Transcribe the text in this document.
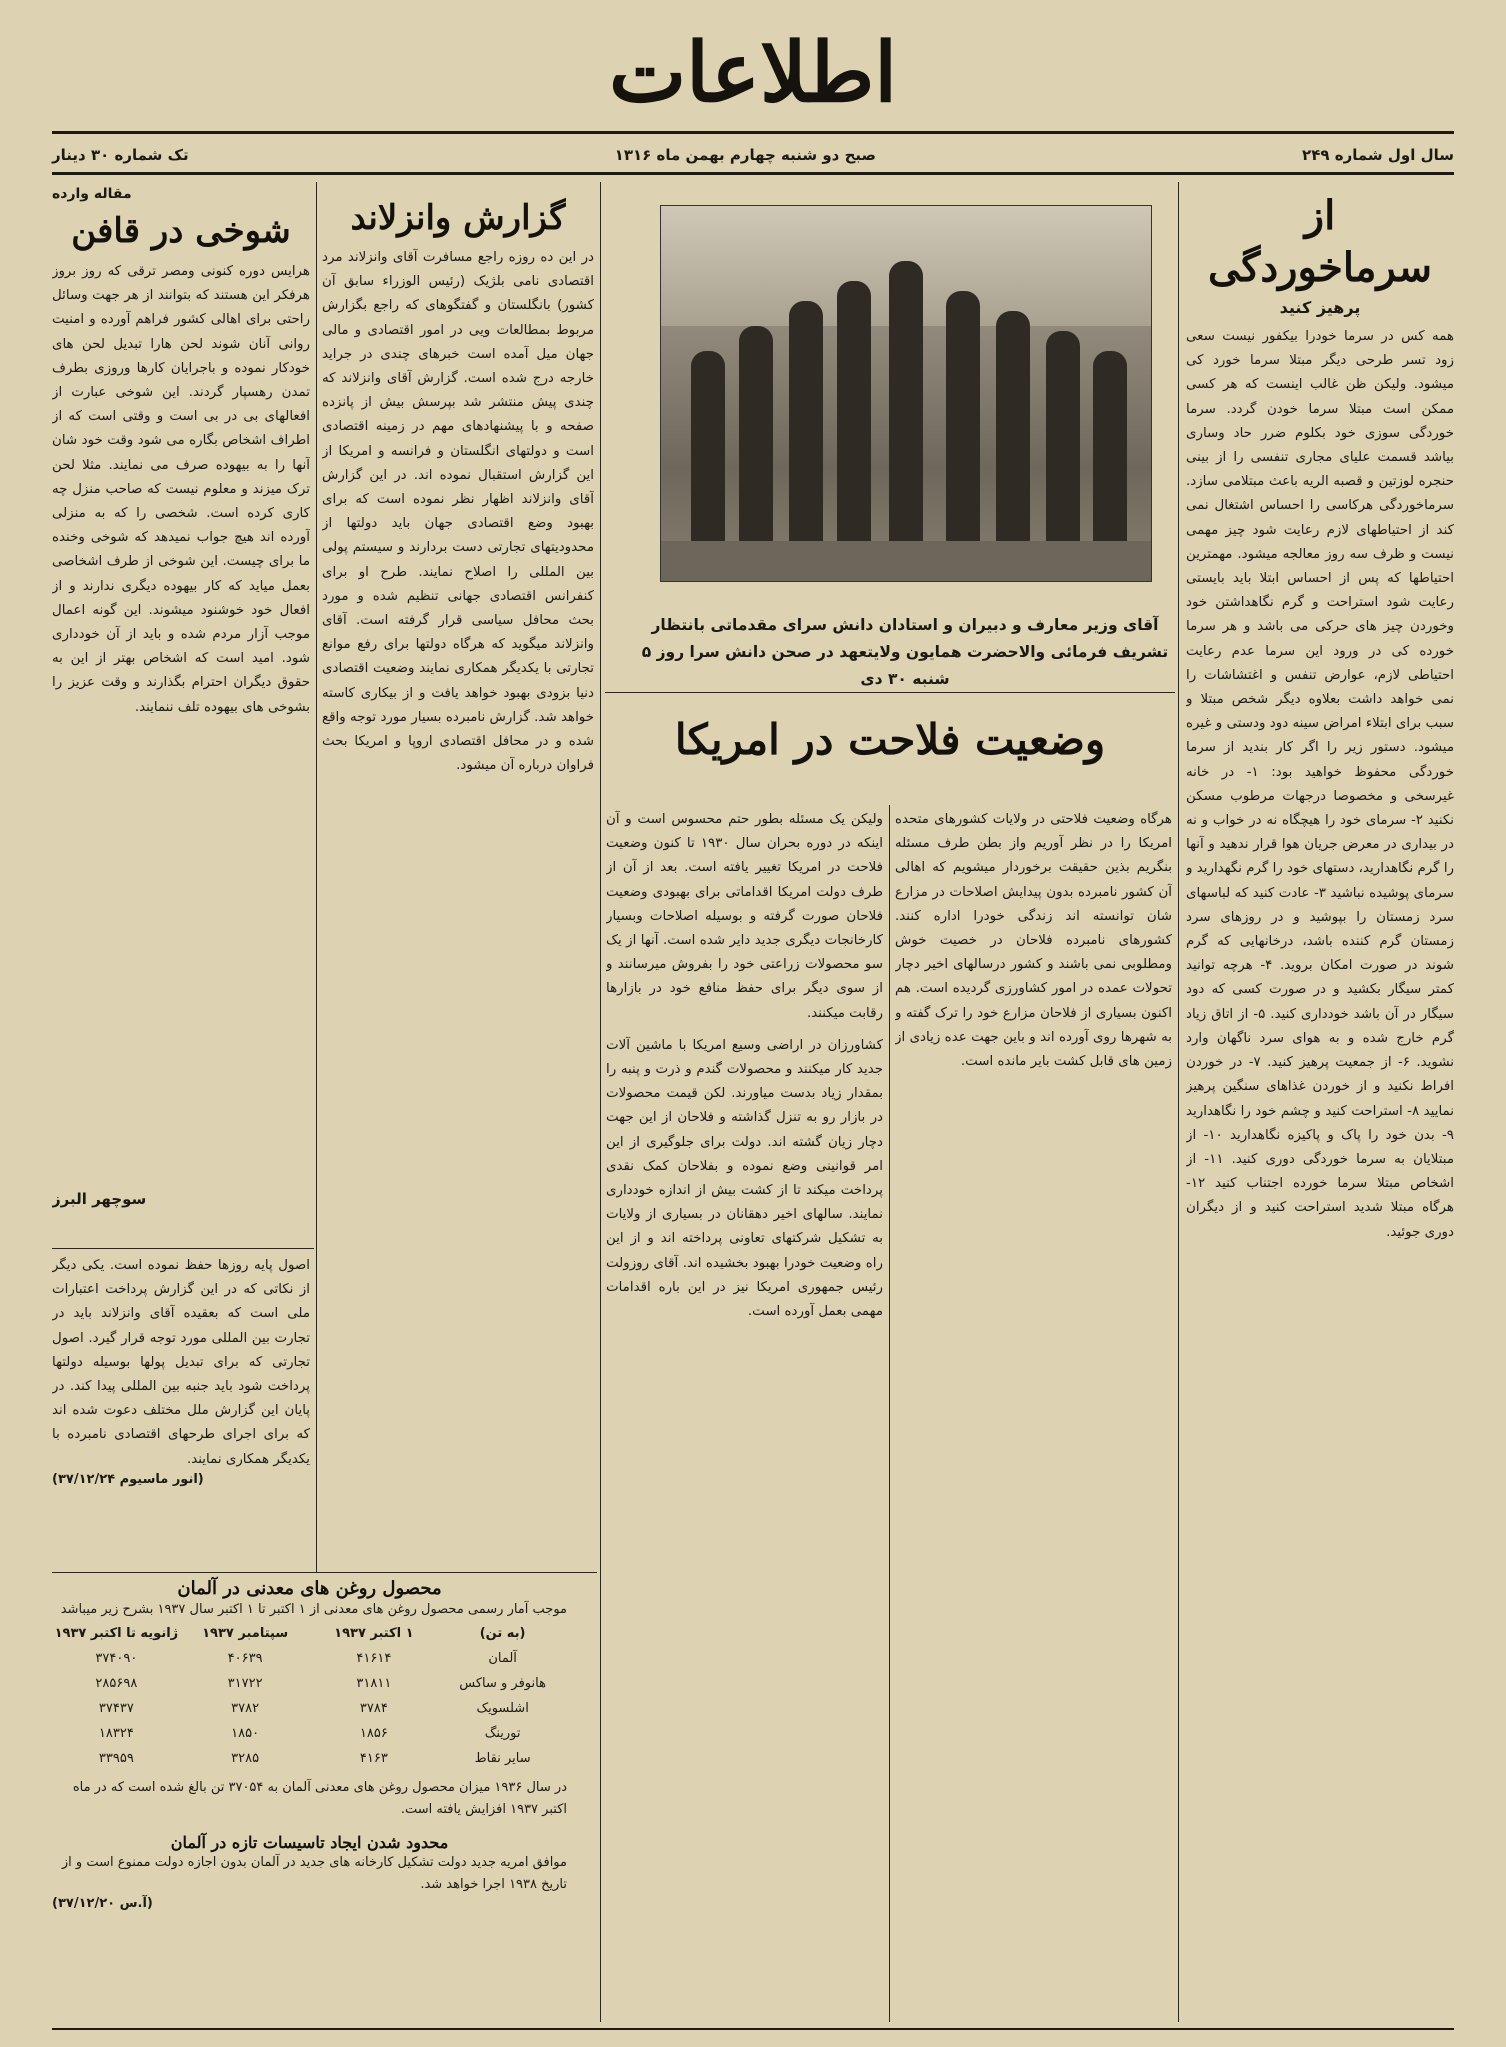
اطلاعات
سال اول شماره ۲۴۹
صبح دو شنبه چهارم بهمن ماه ۱۳۱۶
تک شماره ۳۰ دینار
از سرماخوردگی
پرهیز کنید
همه کس در سرما خودرا بیکفور نیست سعی زود تسر طرحی دیگر مبتلا سرما خورد کی میشود. ولیکن ظن غالب اینست که هر کسی ممکن است مبتلا سرما خودن گردد. سرما خوردگی سوزی خود بکلوم ضرر حاد وساری بیاشد قسمت علیای مجاری تنفسی را از بینی حنجره لوزتین و قصبه الریه باعث مبتلامی سازد. سرماخوردگی هرکاسی را احساس اشتغال نمی کند از احتیاطهای لازم رعایت شود چیز مهمی نیست و ظرف سه روز معالجه میشود. مهمترین احتیاطها که پس از احساس ابتلا باید بایستی رعایت شود استراحت و گرم نگاهداشتن خود وخوردن چیز های حرکی می باشد و هر سرما خورده کی در ورود این سرما عدم رعایت احتیاطی لازم، عوارض تنفس و اغتشاشات را نمی خواهد داشت بعلاوه دیگر شخص مبتلا و سبب برای ابتلاء امراض سینه دود ودستی و غیره میشود. دستور زیر را اگر کار بندید از سرما خوردگی محفوظ خواهید بود: ۱- در خانه غیرسخی و مخصوصا درجهات مرطوب مسکن نکنید ۲- سرمای خود را هیچگاه نه در خواب و نه در بیداری در معرض جریان هوا قرار ندهید و آنها را گرم نگاهدارید، دستهای خود را گرم نگهدارید و سرمای پوشیده نباشید ۳- عادت کنید که لباسهای سرد زمستان را بپوشید و در روزهای سرد زمستان گرم کننده باشد، درخانهایی که گرم شوند در صورت امکان بروید. ۴- هرچه توانید کمتر سیگار بکشید و در صورت کسی که دود سیگار در آن باشد خودداری کنید. ۵- از اتاق زیاد گرم خارج شده و به هوای سرد ناگهان وارد نشوید. ۶- از جمعیت پرهیز کنید. ۷- در خوردن افراط نکنید و از خوردن غذاهای سنگین پرهیز نمایید ۸- استراحت کنید و چشم خود را نگاهدارید ۹- بدن خود را پاک و پاکیزه نگاهدارید ۱۰- از مبتلایان به سرما خوردگی دوری کنید. ۱۱- از اشخاص مبتلا سرما خورده اجتناب کنید ۱۲- هرگاه مبتلا شدید استراحت کنید و از دیگران دوری جوئید.
آقای وزیر معارف و دبیران و استادان دانش سرای مقدماتی بانتظار تشریف فرمائی والاحضرت همایون ولایتعهد در صحن دانش سرا روز ۵ شنبه ۳۰ دی
وضعیت فلاحت در امریکا
هرگاه وضعیت فلاحتی در ولایات کشورهای متحده امریکا را در نظر آوریم واز بطن طرف مسئله بنگریم بذین حقیقت برخوردار میشویم که اهالی آن کشور نامبرده بدون پیدایش اصلاحات در مزارع شان توانسته اند زندگی خودرا اداره کنند. کشورهای نامبرده فلاحان در خصیت خوش ومطلوبی نمی باشند و کشور درسالهای اخیر دچار تحولات عمده در امور کشاورزی گردیده است. هم اکنون بسیاری از فلاحان مزارع خود را ترک گفته و به شهرها روی آورده اند و باین جهت عده زیادی از زمین های قابل کشت بایر مانده است.
ولیکن یک مسئله بطور حتم محسوس است و آن اینکه در دوره بحران سال ۱۹۳۰ تا کنون وضعیت فلاحت در امریکا تغییر یافته است. بعد از آن از طرف دولت امریکا اقداماتی برای بهبودی وضعیت فلاحان صورت گرفته و بوسیله اصلاحات وبسیار کارخانجات دیگری جدید دایر شده است. آنها از یک سو محصولات زراعتی خود را بفروش میرسانند و از سوی دیگر برای حفظ منافع خود در بازارها رقابت میکنند.
کشاورزان در اراضی وسیع امریکا با ماشین آلات جدید کار میکنند و محصولات گندم و ذرت و پنبه را بمقدار زیاد بدست میاورند. لکن قیمت محصولات در بازار رو به تنزل گذاشته و فلاحان از این جهت دچار زیان گشته اند. دولت برای جلوگیری از این امر قوانینی وضع نموده و بفلاحان کمک نقدی پرداخت میکند تا از کشت بیش از اندازه خودداری نمایند. سالهای اخیر دهقانان در بسیاری از ولایات به تشکیل شرکتهای تعاونی پرداخته اند و از این راه وضعیت خودرا بهبود بخشیده اند. آقای روزولت رئیس جمهوری امریکا نیز در این باره اقدامات مهمی بعمل آورده است.
گزارش وانزلاند
در این ده روزه راجع مسافرت آقای وانزلاند مرد اقتصادی نامی بلژیک (رئیس الوزراء سابق آن کشور) بانگلستان و گفتگوهای که راجع بگزارش مربوط بمطالعات ویی در امور اقتصادی و مالی جهان میل آمده است خبرهای چندی در جراید خارجه درج شده است. گزارش آقای وانزلاند که چندی پیش منتشر شد بپرسش بیش از پانزده صفحه و با پیشنهادهای مهم در زمینه اقتصادی است و دولتهای انگلستان و فرانسه و امریکا از این گزارش استقبال نموده اند. در این گزارش آقای وانزلاند اظهار نظر نموده است که برای بهبود وضع اقتصادی جهان باید دولتها از محدودیتهای تجارتی دست بردارند و سیستم پولی بین المللی را اصلاح نمایند. طرح او برای کنفرانس اقتصادی جهانی تنظیم شده و مورد بحث محافل سیاسی قرار گرفته است. آقای وانزلاند میگوید که هرگاه دولتها برای رفع موانع تجارتی با یکدیگر همکاری نمایند وضعیت اقتصادی دنیا بزودی بهبود خواهد یافت و از بیکاری کاسته خواهد شد. گزارش نامبرده بسیار مورد توجه واقع شده و در محافل اقتصادی اروپا و امریکا بحث فراوان درباره آن میشود.
مقاله وارده
شوخی در قافن
هرایس دوره کنونی ومصر ترقی که روز بروز هرفکر این هستند که بتوانند از هر جهت وسائل راحتی برای اهالی کشور فراهم آورده و امنیت روانی آنان شوند لحن هارا تبدیل لحن های خودکار نموده و باجرایان کارها وروزی بطرف تمدن رهسپار گردند. این شوخی عبارت از افعالهای بی در بی است و وقتی است که از اطراف اشخاص بگاره می شود وقت خود شان آنها را به بیهوده صرف می نمایند. مثلا لحن ترک میزند و معلوم نیست که صاحب منزل چه کاری کرده است. شخصی را که به منزلی آورده اند هیچ جواب نمیدهد که شوخی وخنده ما برای چیست. این شوخی از طرف اشخاصی بعمل میاید که کار بیهوده دیگری ندارند و از افعال خود خوشنود میشوند. این گونه اعمال موجب آزار مردم شده و باید از آن خودداری شود. امید است که اشخاص بهتر از این به حقوق دیگران احترام بگذارند و وقت عزیز را بشوخی های بیهوده تلف ننمایند.
سوچهر البرز
اصول پایه روزها حفظ نموده است. یکی دیگر از نکاتی که در این گزارش پرداخت اعتبارات ملی است که بعقیده آقای وانزلاند باید در تجارت بین المللی مورد توجه قرار گیرد. اصول تجارتی که برای تبدیل پولها بوسیله دولتها پرداخت شود باید جنبه بین المللی پیدا کند. در پایان این گزارش ملل مختلف دعوت شده اند که برای اجرای طرحهای اقتصادی نامبرده با یکدیگر همکاری نمایند.
(انور ماسیوم ۳۷/۱۲/۲۴)
محصول روغن های معدنی در آلمان
موجب آمار رسمی محصول روغن های معدنی از ۱ اکتبر تا ۱ اکتبر سال ۱۹۳۷ بشرح زیر میباشد
(به تن)
۱ اکتبر ۱۹۳۷
سپتامبر ۱۹۳۷
ژانویه تا اکتبر ۱۹۳۷
آلمان
۴۱۶۱۴
۴۰۶۳۹
۳۷۴۰۹۰
هانوفر و ساکس
۳۱۸۱۱
۳۱۷۲۲
۲۸۵۶۹۸
اشلسویک
۳۷۸۴
۳۷۸۲
۳۷۴۳۷
تورینگ
۱۸۵۶
۱۸۵۰
۱۸۳۲۴
سایر نقاط
۴۱۶۳
۳۲۸۵
۳۳۹۵۹
در سال ۱۹۳۶ میزان محصول روغن های معدنی آلمان به ۳۷۰۵۴ تن بالغ شده است که در ماه اکتبر ۱۹۳۷ افزایش یافته است.
محدود شدن ایجاد تاسیسات تازه در آلمان
موافق امریه جدید دولت تشکیل کارخانه های جدید در آلمان بدون اجازه دولت ممنوع است و از تاریخ ۱۹۳۸ اجرا خواهد شد.
(آ.س ۳۷/۱۲/۲۰)
